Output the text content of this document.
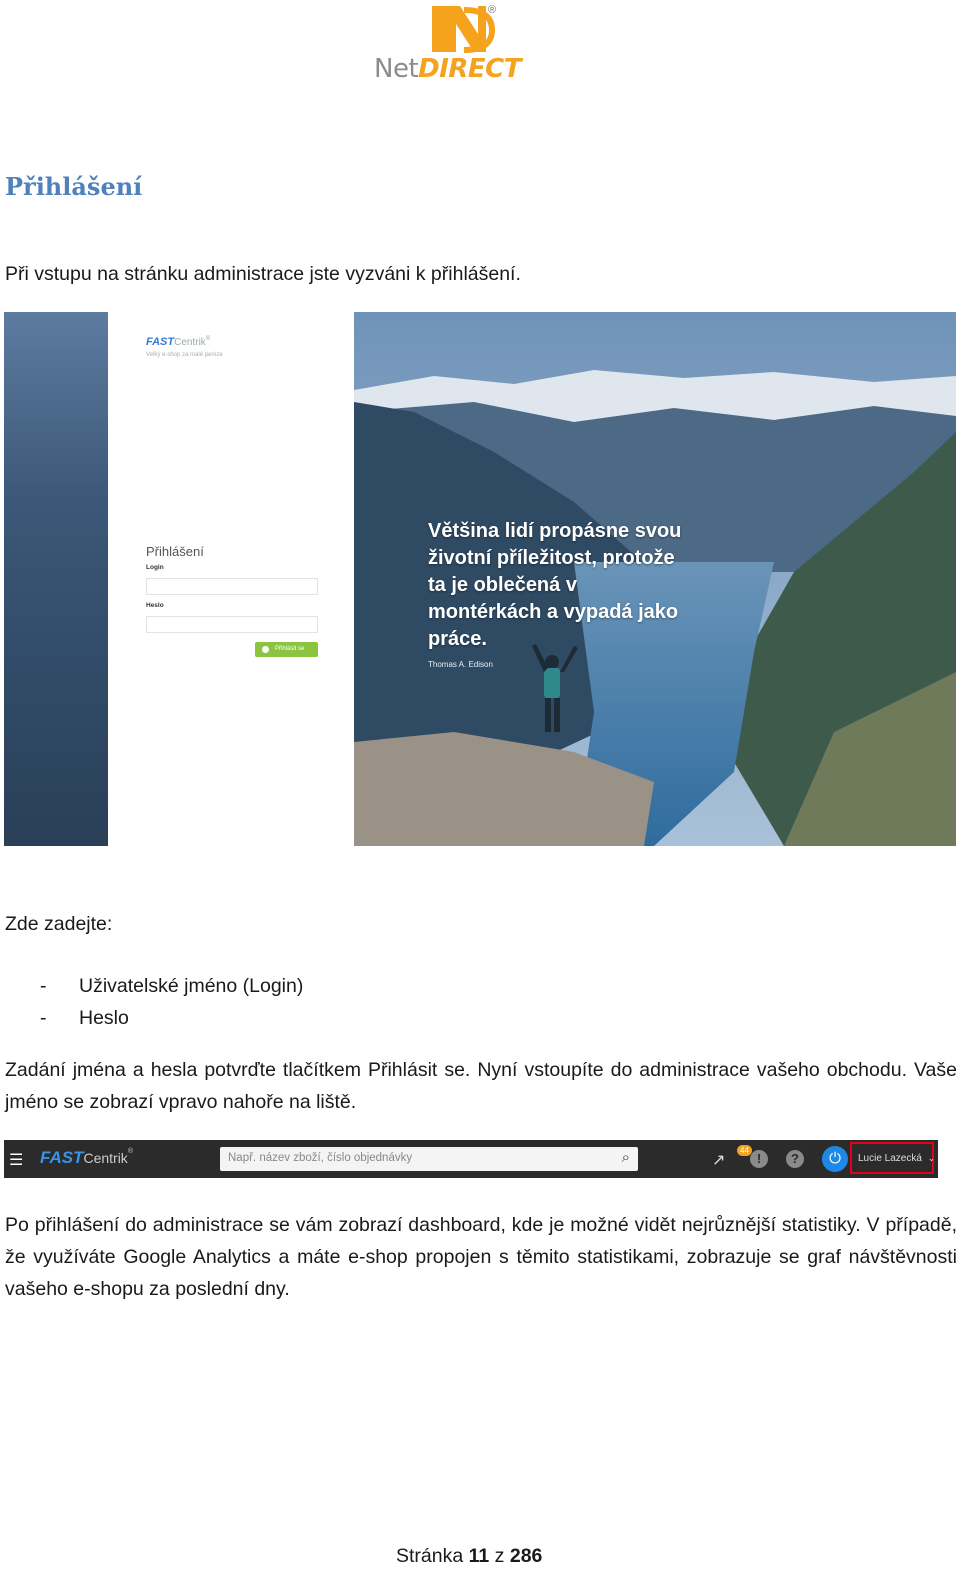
®
NetDIRECT
Přihlášení
Při vstupu na stránku administrace jste vyzváni k přihlášení.
FASTCentrik®
Velký e-shop za malé peníze
Přihlášení
Login
Heslo
Přihlásit se
Většina lidí propásne svou životní příležitost, protože ta je oblečená v montérkách a vypadá jako práce.
Thomas A. Edison
Zde zadejte:
- Uživatelské jméno (Login)
- Heslo
Zadání jména a hesla potvrďte tlačítkem Přihlásit se. Nyní vstoupíte do administrace vašeho obchodu. Vaše jméno se zobrazí vpravo nahoře na liště.
☰ FASTCentrik®
Např. název zboží, číslo objednávky	⌕	↗	!
44
?	⏻	Lucie Lazecká ⌄
Po přihlášení do administrace se vám zobrazí dashboard, kde je možné vidět nejrůznější statistiky. V případě, že využíváte Google Analytics a máte e-shop propojen s těmito statistikami, zobrazuje se graf návštěvnosti vašeho e-shopu za poslední dny.
Stránka 11 z 286
